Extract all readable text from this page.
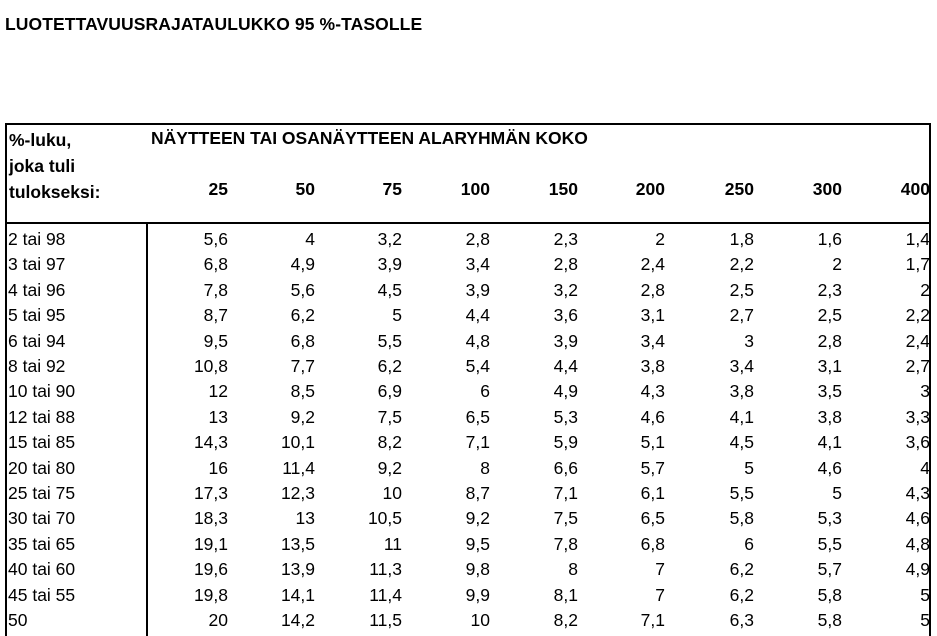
LUOTETTAVUUSRAJATAULUKKO 95 %-TASOLLE
%-luku,
joka tuli
tulokseksi:
NÄYTTEEN TAI OSANÄYTTEEN ALARYHMÄN KOKO
25	50	75	100	150	200	250	300	400
2 tai 98	5,6	4	3,2	2,8	2,3	2	1,8	1,6	1,4
3 tai 97	6,8	4,9	3,9	3,4	2,8	2,4	2,2	2	1,7
4 tai 96	7,8	5,6	4,5	3,9	3,2	2,8	2,5	2,3	2
5 tai 95	8,7	6,2	5	4,4	3,6	3,1	2,7	2,5	2,2
6 tai 94	9,5	6,8	5,5	4,8	3,9	3,4	3	2,8	2,4
8 tai 92	10,8	7,7	6,2	5,4	4,4	3,8	3,4	3,1	2,7
10 tai 90	12	8,5	6,9	6	4,9	4,3	3,8	3,5	3
12 tai 88	13	9,2	7,5	6,5	5,3	4,6	4,1	3,8	3,3
15 tai 85	14,3	10,1	8,2	7,1	5,9	5,1	4,5	4,1	3,6
20 tai 80	16	11,4	9,2	8	6,6	5,7	5	4,6	4
25 tai 75	17,3	12,3	10	8,7	7,1	6,1	5,5	5	4,3
30 tai 70	18,3	13	10,5	9,2	7,5	6,5	5,8	5,3	4,6
35 tai 65	19,1	13,5	11	9,5	7,8	6,8	6	5,5	4,8
40 tai 60	19,6	13,9	11,3	9,8	8	7	6,2	5,7	4,9
45 tai 55	19,8	14,1	11,4	9,9	8,1	7	6,2	5,8	5
50	20	14,2	11,5	10	8,2	7,1	6,3	5,8	5
